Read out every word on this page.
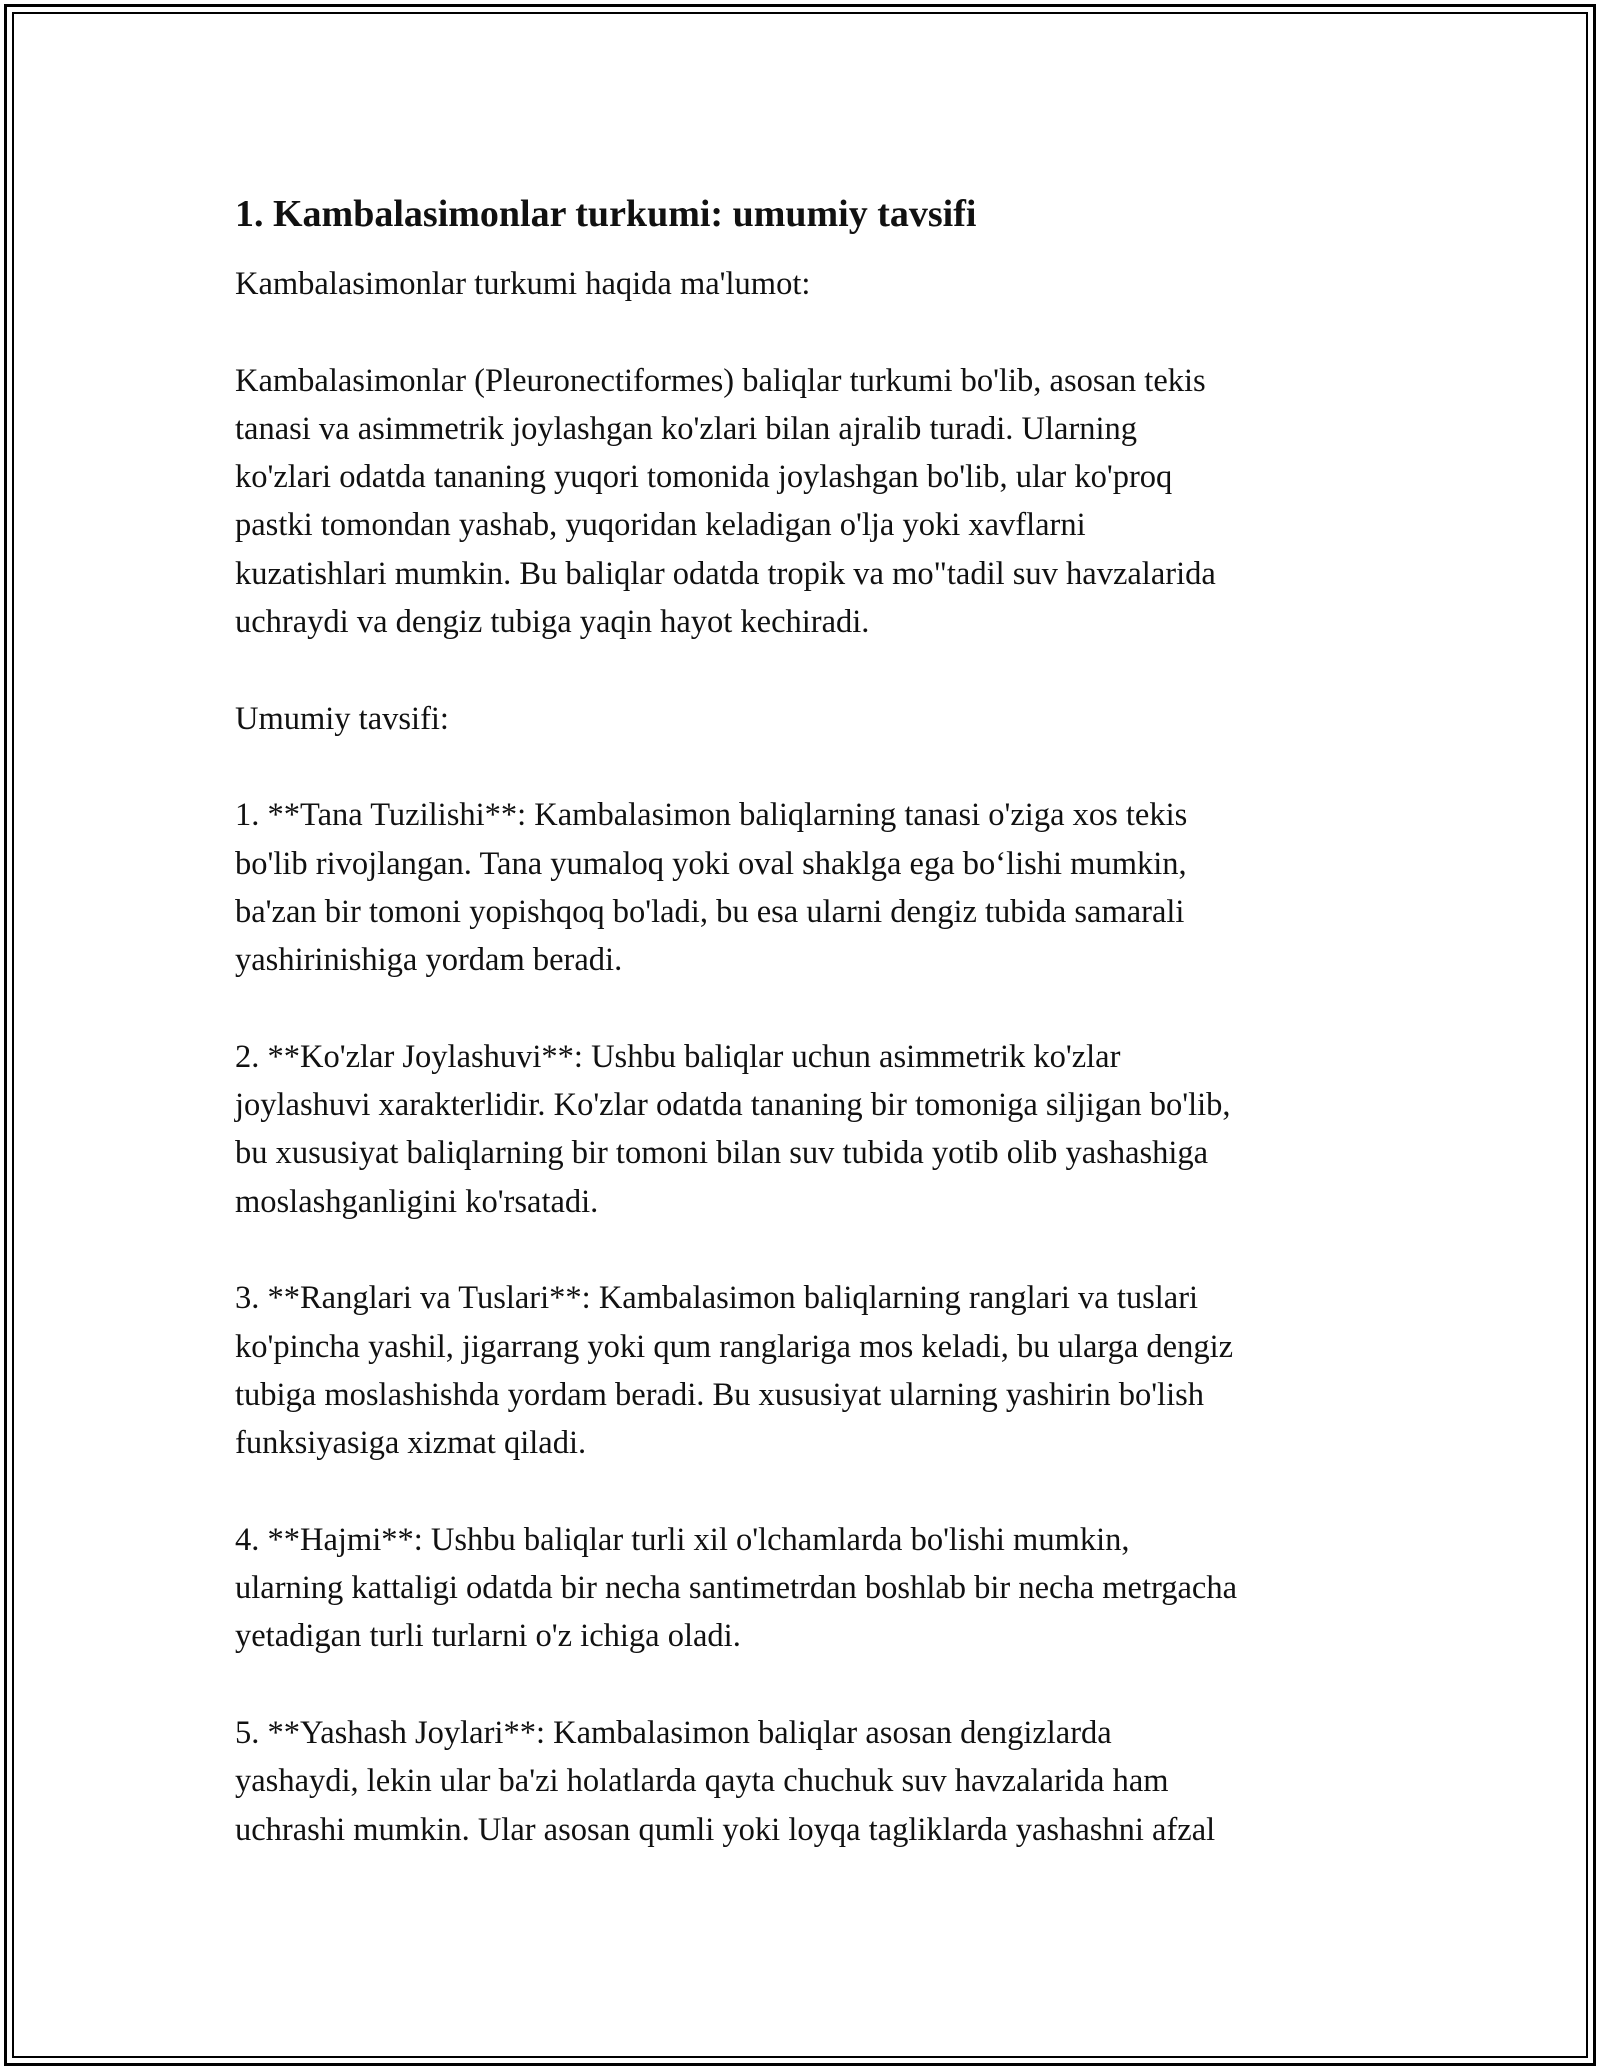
1. Kambalasimonlar turkumi: umumiy tavsifi

Kambalasimonlar turkumi haqida ma'lumot:

Kambalasimonlar (Pleuronectiformes) baliqlar turkumi bo'lib, asosan tekis
tanasi va asimmetrik joylashgan ko'zlari bilan ajralib turadi. Ularning
ko'zlari odatda tananing yuqori tomonida joylashgan bo'lib, ular ko'proq
pastki tomondan yashab, yuqoridan keladigan o'lja yoki xavflarni
kuzatishlari mumkin. Bu baliqlar odatda tropik va mo"tadil suv havzalarida
uchraydi va dengiz tubiga yaqin hayot kechiradi.

Umumiy tavsifi:

1. **Tana Tuzilishi**: Kambalasimon baliqlarning tanasi o'ziga xos tekis
bo'lib rivojlangan. Tana yumaloq yoki oval shaklga ega bo‘lishi mumkin,
ba'zan bir tomoni yopishqoq bo'ladi, bu esa ularni dengiz tubida samarali
yashirinishiga yordam beradi.

2. **Ko'zlar Joylashuvi**: Ushbu baliqlar uchun asimmetrik ko'zlar
joylashuvi xarakterlidir. Ko'zlar odatda tananing bir tomoniga siljigan bo'lib,
bu xususiyat baliqlarning bir tomoni bilan suv tubida yotib olib yashashiga
moslashganligini ko'rsatadi.

3. **Ranglari va Tuslari**: Kambalasimon baliqlarning ranglari va tuslari
ko'pincha yashil, jigarrang yoki qum ranglariga mos keladi, bu ularga dengiz
tubiga moslashishda yordam beradi. Bu xususiyat ularning yashirin bo'lish
funksiyasiga xizmat qiladi.

4. **Hajmi**: Ushbu baliqlar turli xil o'lchamlarda bo'lishi mumkin,
ularning kattaligi odatda bir necha santimetrdan boshlab bir necha metrgacha
yetadigan turli turlarni o'z ichiga oladi.

5. **Yashash Joylari**: Kambalasimon baliqlar asosan dengizlarda
yashaydi, lekin ular ba'zi holatlarda qayta chuchuk suv havzalarida ham
uchrashi mumkin. Ular asosan qumli yoki loyqa tagliklarda yashashni afzal
